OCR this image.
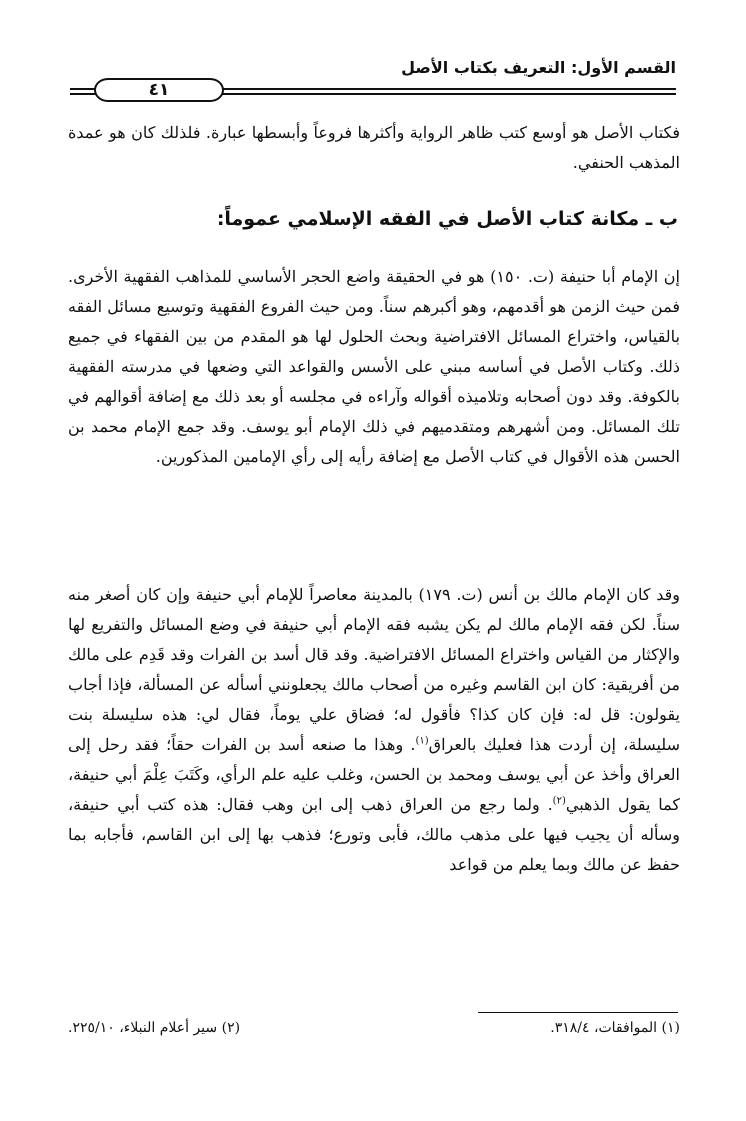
القسم الأول: التعريف بكتاب الأصل
٤١

فكتاب الأصل هو أوسع كتب ظاهر الرواية وأكثرها فروعاً وأبسطها عبارة. فلذلك كان هو عمدة المذهب الحنفي.

ب ـ مكانة كتاب الأصل في الفقه الإسلامي عموماً:

إن الإمام أبا حنيفة (ت. ١٥٠) هو في الحقيقة واضع الحجر الأساسي للمذاهب الفقهية الأخرى. فمن حيث الزمن هو أقدمهم، وهو أكبرهم سناً. ومن حيث الفروع الفقهية وتوسيع مسائل الفقه بالقياس، واختراع المسائل الافتراضية وبحث الحلول لها هو المقدم من بين الفقهاء في جميع ذلك. وكتاب الأصل في أساسه مبني على الأسس والقواعد التي وضعها في مدرسته الفقهية بالكوفة. وقد دون أصحابه وتلاميذه أقواله وآراءه في مجلسه أو بعد ذلك مع إضافة أقوالهم في تلك المسائل. ومن أشهرهم ومتقدميهم في ذلك الإمام أبو يوسف. وقد جمع الإمام محمد بن الحسن هذه الأقوال في كتاب الأصل مع إضافة رأيه إلى رأي الإمامين المذكورين.

وقد كان الإمام مالك بن أنس (ت. ١٧٩) بالمدينة معاصراً للإمام أبي حنيفة وإن كان أصغر منه سناً. لكن فقه الإمام مالك لم يكن يشبه فقه الإمام أبي حنيفة في وضع المسائل والتفريع لها والإكثار من القياس واختراع المسائل الافتراضية. وقد قال أسد بن الفرات وقد قَدِم على مالك من أفريقية: كان ابن القاسم وغيره من أصحاب مالك يجعلونني أسأله عن المسألة، فإذا أجاب يقولون: قل له: فإن كان كذا؟ فأقول له؛ فضاق علي يوماً، فقال لي: هذه سليسلة بنت سليسلة، إن أردت هذا فعليك بالعراق$^{(١)}$. وهذا ما صنعه أسد بن الفرات حقاً؛ فقد رحل إلى العراق وأخذ عن أبي يوسف ومحمد بن الحسن، وغلب عليه علم الرأي، وكَتَبَ عِلْمَ أبي حنيفة، كما يقول الذهبي$^{(٢)}$. ولما رجع من العراق ذهب إلى ابن وهب فقال: هذه كتب أبي حنيفة، وسأله أن يجيب فيها على مذهب مالك، فأبى وتورع؛ فذهب بها إلى ابن القاسم، فأجابه بما حفظ عن مالك وبما يعلم من قواعد

(١) الموافقات، ٣١٨/٤.
(٢) سير أعلام النبلاء، ٢٢٥/١٠.
